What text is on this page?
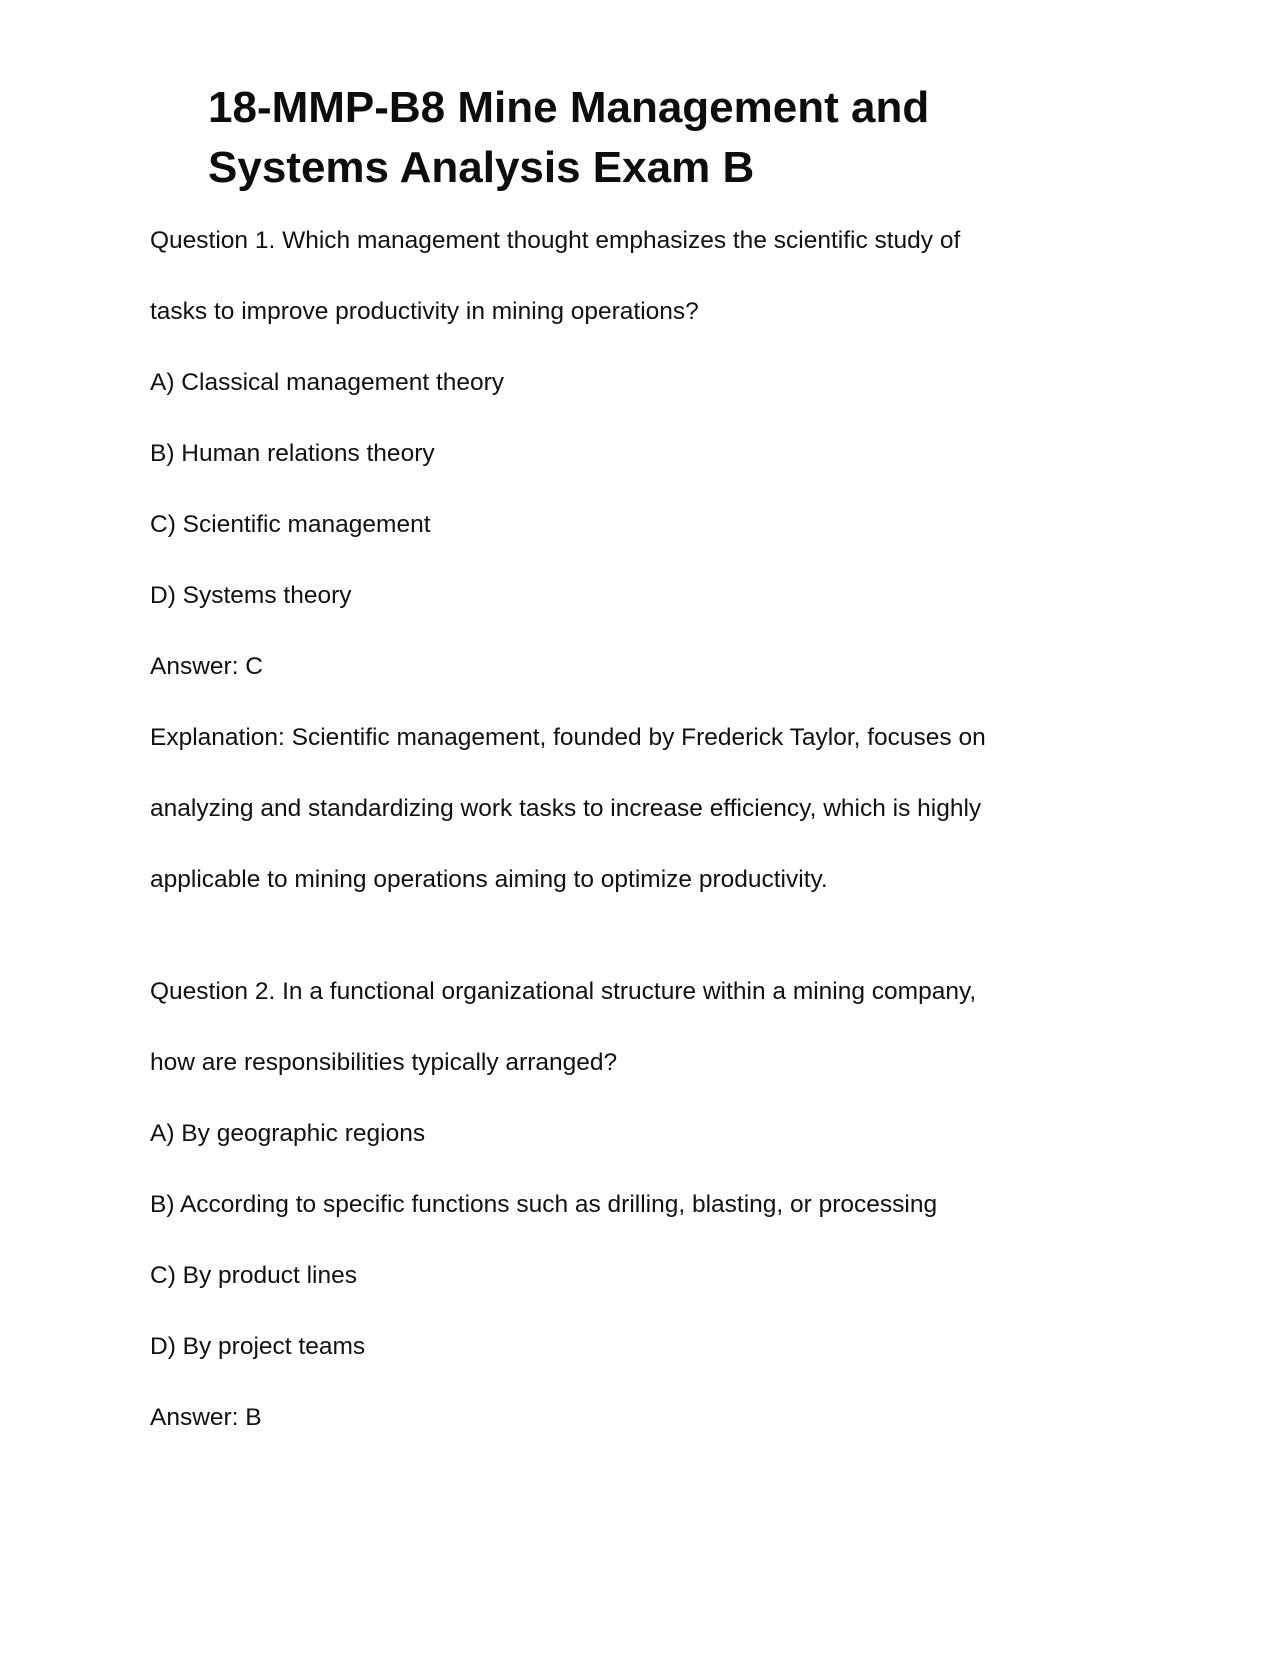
18-MMP-B8 Mine Management and
Systems Analysis Exam B
Question 1. Which management thought emphasizes the scientific study of
tasks to improve productivity in mining operations?
A) Classical management theory
B) Human relations theory
C) Scientific management
D) Systems theory
Answer: C
Explanation: Scientific management, founded by Frederick Taylor, focuses on
analyzing and standardizing work tasks to increase efficiency, which is highly
applicable to mining operations aiming to optimize productivity.
Question 2. In a functional organizational structure within a mining company,
how are responsibilities typically arranged?
A) By geographic regions
B) According to specific functions such as drilling, blasting, or processing
C) By product lines
D) By project teams
Answer: B
